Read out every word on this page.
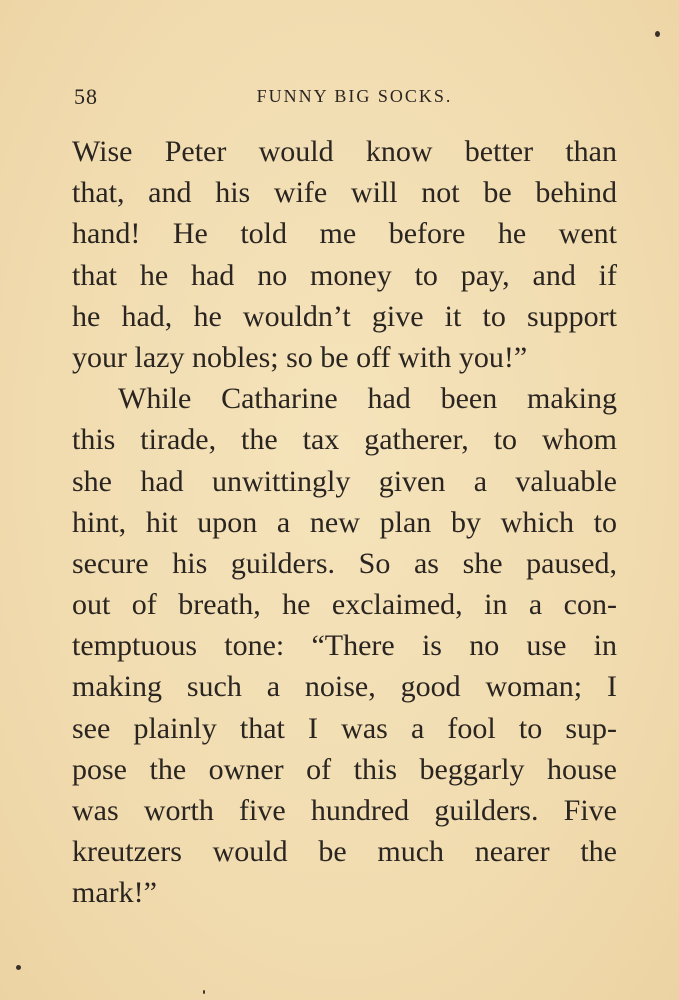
58	FUNNY BIG SOCKS.
Wise Peter would know better than
that, and his wife will not be behind
hand! He told me before he went
that he had no money to pay, and if
he had, he wouldn’t give it to support
your lazy nobles; so be off with you!”
While Catharine had been making
this tirade, the tax gatherer, to whom
she had unwittingly given a valuable
hint, hit upon a new plan by which to
secure his guilders. So as she paused,
out of breath, he exclaimed, in a con-
temptuous tone: “There is no use in
making such a noise, good woman; I
see plainly that I was a fool to sup-
pose the owner of this beggarly house
was worth five hundred guilders. Five
kreutzers would be much nearer the
mark!”
